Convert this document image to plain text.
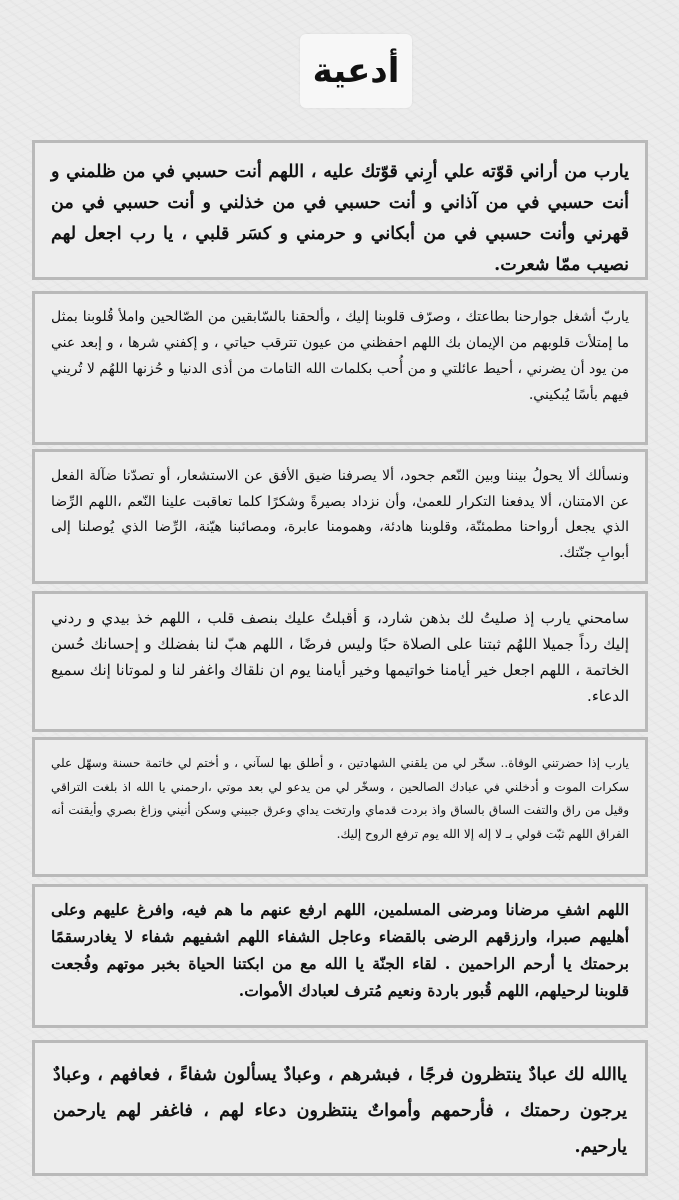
أدعية

يارب من أراني قوّته علي أرِني قوّتك عليه ، اللهم أنت حسبي في من ظلمني و أنت حسبي في من آذاني و أنت حسبي في من خذلني و أنت حسبي في من قهرني وأنت حسبي في من أبكاني و حرمني و كسَر قلبي ، يا رب اجعل لهم نصيب ممّا شعرت.

ياربّ أشغل جوارحنا بطاعتك ، وصرّف قلوبنا إليك ، وألحقنا بالسّابقين من الصّالحين واملأ قُلوبنا بمثل ما إمتلأت قلوبهم من الإيمان بك اللهم احفظني من عيون تترقب حياتي ، و إكفني شرها ، و إبعد عني من يود أن يضرني ، أحيط عائلتي و من أُحب بكلمات الله التامات من أذى الدنيا و حُزنها اللهُم لا تُريني فيهم بأسًا يُبكيني.

ونسألك ألا يحولُ بيننا وبين النّعم جحود، ألا يصرفنا ضيق الأفق عن الاستشعار، أو تصدّنا ضآلة الفعل عن الامتنان، ألا يدفعنا التكرار للعمىٰ، وأن نزداد بصيرةً وشكرًا كلما تعاقبت علينا النّعم ،اللهم الرِّضا الذي يجعل أرواحنا مطمئنّة، وقلوبنا هادئة، وهمومنا عابرة، ومصائبنا هيّنة، الرِّضا الذي يُوصلنا إلى أبوابِ جنّتك.

سامحني يارب إذ صليتُ لك بذهن شارد، وَ أقبلتُ عليك بنصف قلب ، اللهم خذ بيدي و ردني إليك رداً جميلا اللهُم ثبتنا على الصلاة حبًا وليس فرضًا ، اللهم هبّ لنا بفضلك و إحسانك حُسن الخاتمة ، اللهم اجعل خير أيامنا خواتيمها وخير أيامنا يوم ان نلقاك واغفر لنا و لموتانا إنك سميع الدعاء.

يارب إذا حضرتني الوفاة.. سخّر لي من يلقني الشهادتين ، و أطلق بها لسآني ، و أختم لي خاتمة حسنة وسهّل علي سكرات الموت و أدخلني في عبادك الصالحين ، وسخّر لي من يدعو لي بعد موتي ،ارحمني يا الله اذ بلغت التراقي وقيل من راق والتفت الساق بالساق واذ بردت قدماي وارتخت يداي وعرق جبيني وسكن أنيني وزاغ بصري وأيقنت أنه الفراق اللهم ثبّت قولي بـ لا إله إلا الله يوم ترفع الروح إليك.

اللهم اشفِ مرضانا ومرضى المسلمين، اللهم ارفع عنهم ما هم فيه، وافرغ عليهم وعلى أهليهم صبرا، وارزقهم الرضى بالقضاء وعاجل الشفاء اللهم اشفيهم شفاء لا يغادرسقمًا برحمتك يا أرحم الراحمين . لقاء الجنّة يا الله مع من ابكتنا الحياة بخبر موتهم وفُجعت قلوبنا لرحيلهم، اللهم قُبور باردة ونعيم مُترف لعبادك الأموات.

ياالله لك عبادٌ ينتظرون فرجًا ، فبشرهم ، وعبادٌ يسألون شفاءً ، فعافهم ، وعبادٌ يرجون رحمتك ، فأرحمهم وأمواتٌ ينتظرون دعاء لهم ، فاغفر لهم يارحمن يارحيم.
